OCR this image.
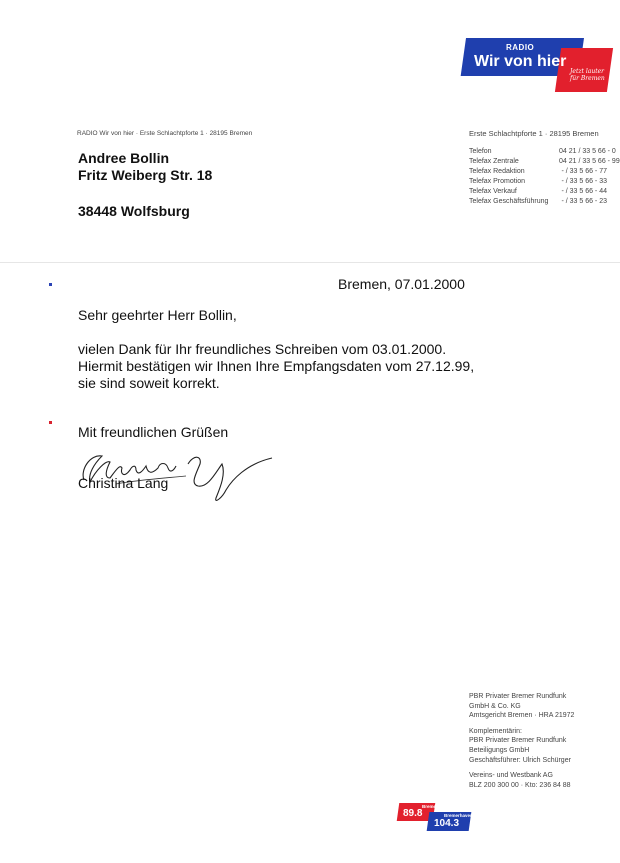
RADIO
Wir von hier
Jetzt lauter für Bremen
RADIO Wir von hier · Erste Schlachtpforte 1 · 28195 Bremen
Andree Bollin
Fritz Weiberg Str. 18
38448 Wolfsburg
Erste Schlachtpforte 1 · 28195 Bremen
Telefon	04 21 / 33 5 66 - 0
Telefax Zentrale	04 21 / 33 5 66 - 99
Telefax Redaktion	- / 33 5 66 - 77
Telefax Promotion	- / 33 5 66 - 33
Telefax Verkauf	- / 33 5 66 - 44
Telefax Geschäftsführung	- / 33 5 66 - 23
Bremen, 07.01.2000
Sehr geehrter Herr Bollin,
vielen Dank für Ihr freundliches Schreiben vom 03.01.2000.
Hiermit bestätigen wir Ihnen Ihre Empfangsdaten vom 27.12.99,
sie sind soweit korrekt.
Mit freundlichen Grüßen
Christina Lang
PBR Privater Bremer Rundfunk
GmbH & Co. KG
Amtsgericht Bremen · HRA 21972
Komplementärin:
PBR Privater Bremer Rundfunk
Beteiligungs GmbH
Geschäftsführer: Ulrich Schürger
Vereins- und Westbank AG
BLZ 200 300 00 · Kto: 236 84 88
Bremen
89.8	Bremerhaven
104.3
